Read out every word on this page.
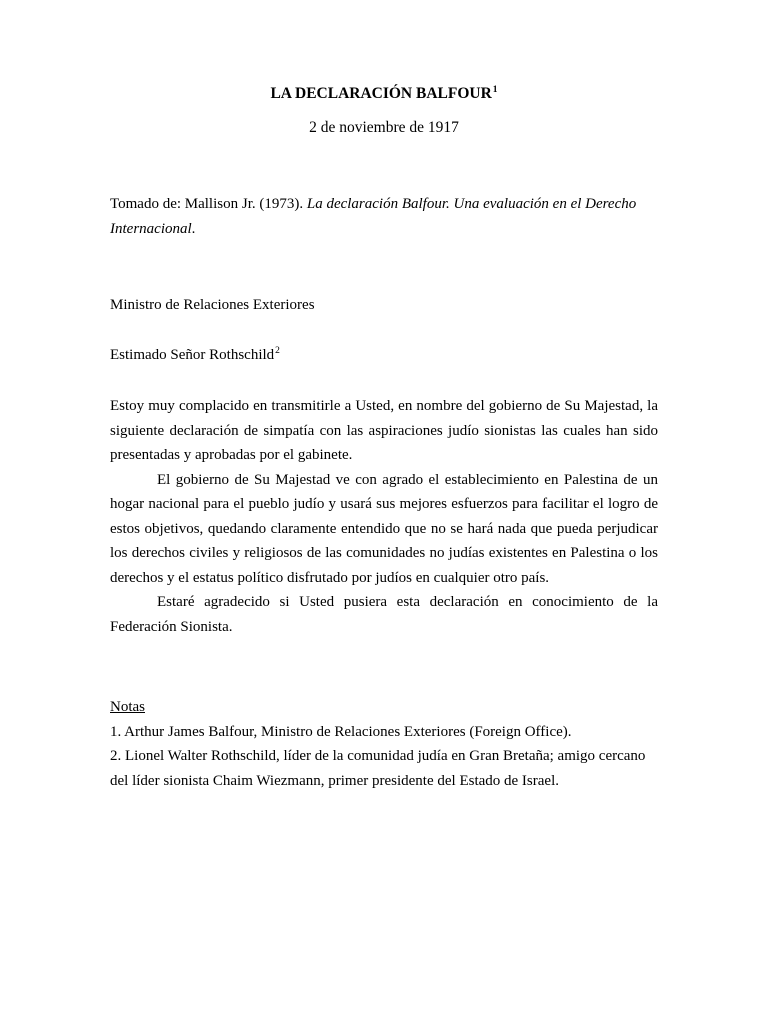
LA DECLARACIÓN BALFOUR$^1$
2 de noviembre de 1917
Tomado de: Mallison Jr. (1973). La declaración Balfour. Una evaluación en el Derecho Internacional.
Ministro de Relaciones Exteriores
Estimado Señor Rothschild$^2$

Estoy muy complacido en transmitirle a Usted, en nombre del gobierno de Su Majestad, la siguiente declaración de simpatía con las aspiraciones judío sionistas las cuales han sido presentadas y aprobadas por el gabinete.

El gobierno de Su Majestad ve con agrado el establecimiento en Palestina de un hogar nacional para el pueblo judío y usará sus mejores esfuerzos para facilitar el logro de estos objetivos, quedando claramente entendido que no se hará nada que pueda perjudicar los derechos civiles y religiosos de las comunidades no judías existentes en Palestina o los derechos y el estatus político disfrutado por judíos en cualquier otro país.

Estaré agradecido si Usted pusiera esta declaración en conocimiento de la Federación Sionista.

Notas

1. Arthur James Balfour, Ministro de Relaciones Exteriores (Foreign Office).

2. Lionel Walter Rothschild, líder de la comunidad judía en Gran Bretaña; amigo cercano del líder sionista Chaim Wiezmann, primer presidente del Estado de Israel.
